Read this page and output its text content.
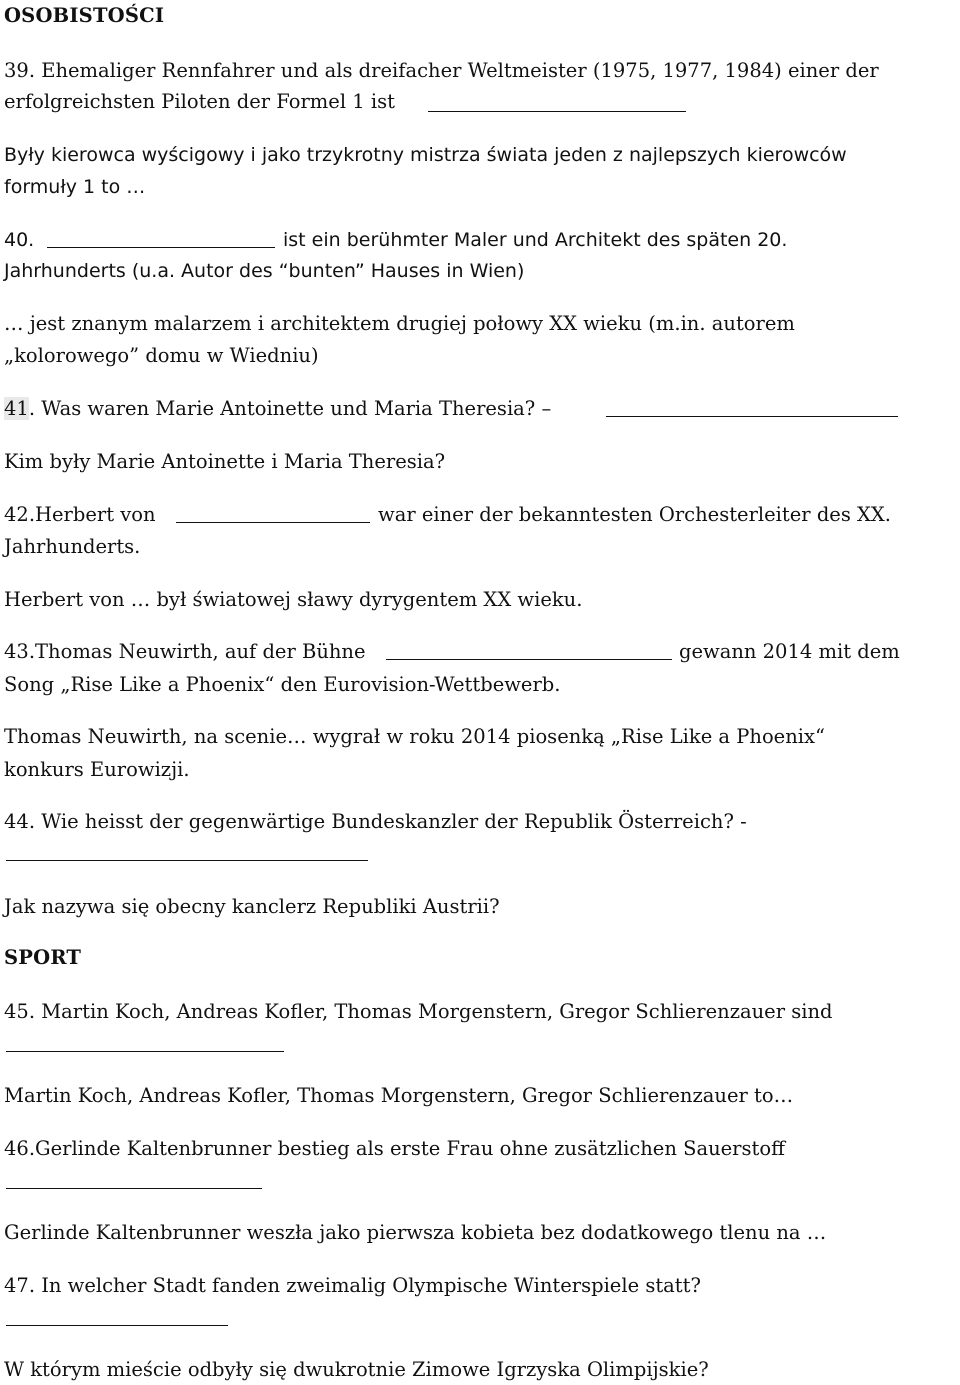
OSOBISTOŚCI
39. Ehemaliger Rennfahrer und als dreifacher Weltmeister (1975, 1977, 1984) einer der
erfolgreichsten Piloten der Formel 1 ist
Były kierowca wyścigowy i jako trzykrotny mistrza świata jeden z najlepszych kierowców
formuły 1 to …
40.	ist ein berühmter Maler und Architekt des späten 20.
Jahrhunderts (u.a. Autor des “bunten” Hauses in Wien)
… jest znanym malarzem i architektem drugiej połowy XX wieku (m.in. autorem
„kolorowego” domu w Wiedniu)
41. Was waren Marie Antoinette und Maria Theresia? –
Kim były Marie Antoinette i Maria Theresia?
42.Herbert von	war einer der bekanntesten Orchesterleiter des XX.
Jahrhunderts.
Herbert von … był światowej sławy dyrygentem XX wieku.
43.Thomas Neuwirth, auf der Bühne	gewann 2014 mit dem
Song „Rise Like a Phoenix“ den Eurovision-Wettbewerb.
Thomas Neuwirth, na scenie… wygrał w roku 2014 piosenką „Rise Like a Phoenix“
konkurs Eurowizji.
44. Wie heisst der gegenwärtige Bundeskanzler der Republik Österreich? -
Jak nazywa się obecny kanclerz Republiki Austrii?
SPORT
45. Martin Koch, Andreas Kofler, Thomas Morgenstern, Gregor Schlierenzauer sind
Martin Koch, Andreas Kofler, Thomas Morgenstern, Gregor Schlierenzauer to…
46.Gerlinde Kaltenbrunner bestieg als erste Frau ohne zusätzlichen Sauerstoff
Gerlinde Kaltenbrunner weszła jako pierwsza kobieta bez dodatkowego tlenu na …
47. In welcher Stadt fanden zweimalig Olympische Winterspiele statt?
W którym mieście odbyły się dwukrotnie Zimowe Igrzyska Olimpijskie?
